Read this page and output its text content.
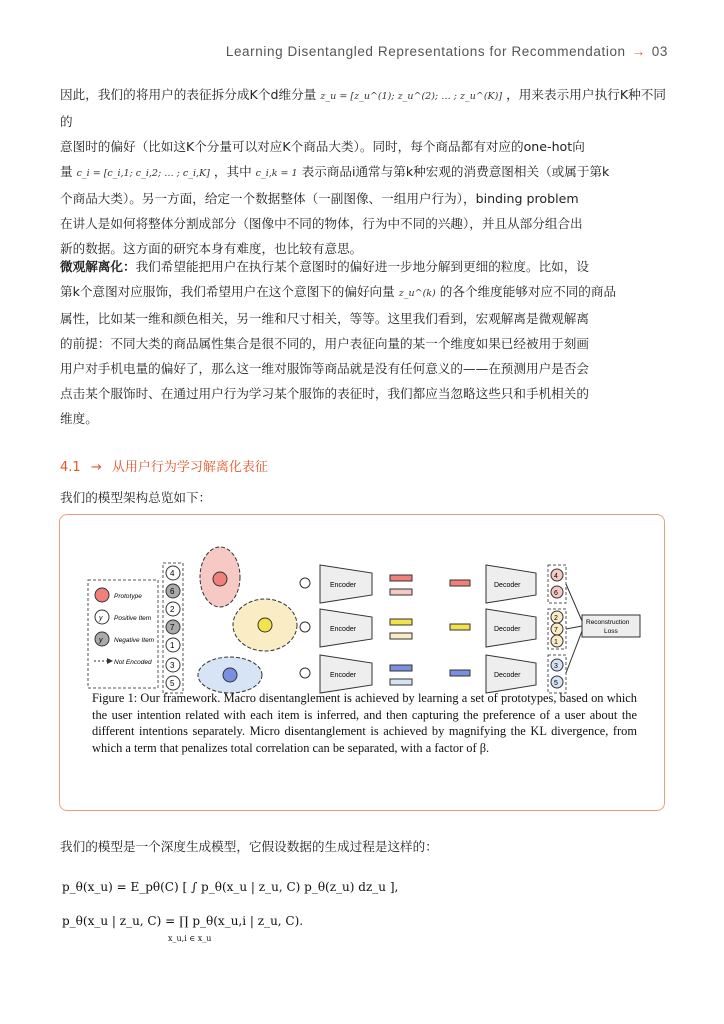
Learning Disentangled Representations for Recommendation → 03
因此，我们的将用户的表征拆分成K个d维分量 z_u = [z_u^(1); z_u^(2); … ; z_u^(K)] ，用来表示用户执行K种不同的
意图时的偏好（比如这K个分量可以对应K个商品大类）。同时，每个商品都有对应的one-hot向
量 c_i = [c_i,1; c_i,2; … ; c_i,K] ，其中 c_i,k = 1 表示商品i通常与第k种宏观的消费意图相关（或属于第k
个商品大类）。另一方面，给定一个数据整体（一副图像、一组用户行为），binding problem
在讲人是如何将整体分割成部分（图像中不同的物体，行为中不同的兴趣），并且从部分组合出
新的数据。这方面的研究本身有难度，也比较有意思。
微观解离化：我们希望能把用户在执行某个意图时的偏好进一步地分解到更细的粒度。比如，设
第k个意图对应服饰，我们希望用户在这个意图下的偏好向量 z_u^(k) 的各个维度能够对应不同的商品
属性，比如某一维和颜色相关，另一维和尺寸相关，等等。这里我们看到，宏观解离是微观解离
的前提：不同大类的商品属性集合是很不同的，用户表征向量的某一个维度如果已经被用于刻画
用户对手机电量的偏好了，那么这一维对服饰等商品就是没有任何意义的——在预测用户是否会
点击某个服饰时、在通过用户行为学习某个服饰的表征时，我们都应当忽略这些只和手机相关的
维度。
4.1 → 从用户行为学习解离化表征
我们的模型架构总览如下：
Prototype
y Positive Item
y Negative Item
Not Encoded
4
6
2
7
1
3
5
Encoder	Decoder
Encoder	Decoder
Encoder	Decoder
4
6
2
7
1
3
5
Reconstruction
Loss
Figure 1: Our framework. Macro disentanglement is achieved by learning a set of prototypes, based on which the user intention related with each item is inferred, and then capturing the preference of a user about the different intentions separately. Micro disentanglement is achieved by magnifying the KL divergence, from which a term that penalizes total correlation can be separated, with a factor of β.
我们的模型是一个深度生成模型，它假设数据的生成过程是这样的：
p_θ(x_u) = E_pθ(C) [ ∫ p_θ(x_u | z_u, C) p_θ(z_u) dz_u ],
p_θ(x_u | z_u, C) = ∏ p_θ(x_u,i | z_u, C).
x_u,i ∈ x_u
